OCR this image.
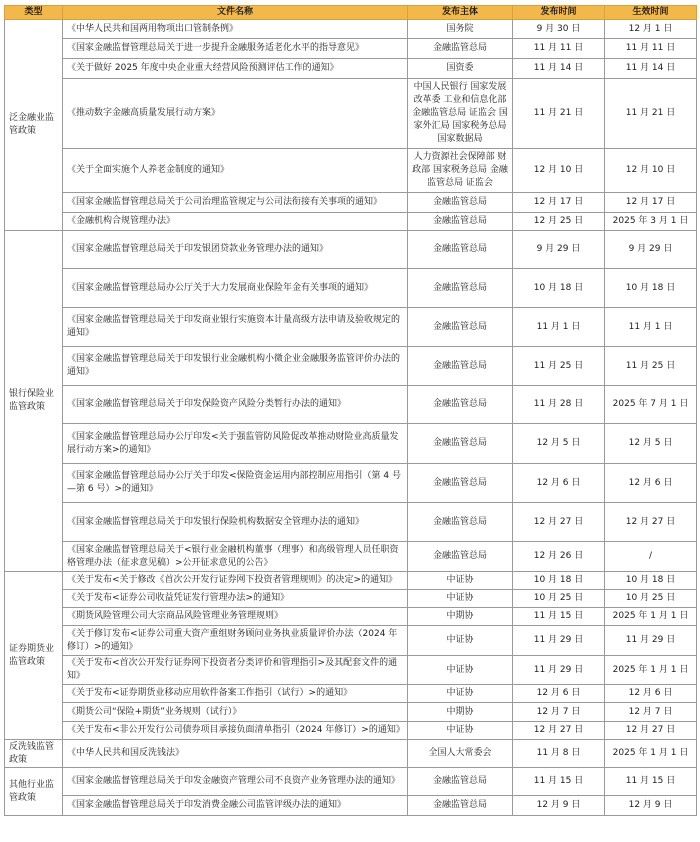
类型	文件名称	发布主体	发布时间	生效时间
泛金融业监管政策	《中华人民共和国两用物项出口管制条例》	国务院	9 月 30 日	12 月 1 日
	《国家金融监督管理总局关于进一步提升金融服务适老化水平的指导意见》	金融监管总局	11 月 11 日	11 月 11 日
	《关于做好 2025 年度中央企业重大经营风险预测评估工作的通知》	国资委	11 月 14 日	11 月 14 日
	《推动数字金融高质量发展行动方案》	中国人民银行 国家发展改革委 工业和信息化部 金融监管总局 证监会 国家外汇局 国家税务总局 国家数据局	11 月 21 日	11 月 21 日
	《关于全面实施个人养老金制度的通知》	人力资源社会保障部 财政部 国家税务总局 金融监管总局 证监会	12 月 10 日	12 月 10 日
	《国家金融监督管理总局关于公司治理监管规定与公司法衔接有关事项的通知》	金融监管总局	12 月 17 日	12 月 17 日
	《金融机构合规管理办法》	金融监管总局	12 月 25 日	2025 年 3 月 1 日
银行保险业监管政策	《国家金融监督管理总局关于印发银团贷款业务管理办法的通知》	金融监管总局	9 月 29 日	9 月 29 日
	《国家金融监督管理总局办公厅关于大力发展商业保险年金有关事项的通知》	金融监管总局	10 月 18 日	10 月 18 日
	《国家金融监督管理总局关于印发商业银行实施资本计量高级方法申请及验收规定的通知》	金融监管总局	11 月 1 日	11 月 1 日
	《国家金融监督管理总局关于印发银行业金融机构小微企业金融服务监管评价办法的通知》	金融监管总局	11 月 25 日	11 月 25 日
	《国家金融监督管理总局关于印发保险资产风险分类暂行办法的通知》	金融监管总局	11 月 28 日	2025 年 7 月 1 日
	《国家金融监督管理总局办公厅印发<关于强监管防风险促改革推动财险业高质量发展行动方案>的通知》	金融监管总局	12 月 5 日	12 月 5 日
	《国家金融监督管理总局办公厅关于印发<保险资金运用内部控制应用指引（第 4 号—第 6 号）>的通知》	金融监管总局	12 月 6 日	12 月 6 日
	《国家金融监督管理总局关于印发银行保险机构数据安全管理办法的通知》	金融监管总局	12 月 27 日	12 月 27 日
	《国家金融监督管理总局关于<银行业金融机构董事（理事）和高级管理人员任职资格管理办法（征求意见稿）>公开征求意见的公告》	金融监管总局	12 月 26 日	/
证券期货业监管政策	《关于发布<关于修改《首次公开发行证券网下投资者管理规则》的决定>的通知》	中证协	10 月 18 日	10 月 18 日
	《关于发布<证券公司收益凭证发行管理办法>的通知》	中证协	10 月 25 日	10 月 25 日
	《期货风险管理公司大宗商品风险管理业务管理规则》	中期协	11 月 15 日	2025 年 1 月 1 日
	《关于修订发布<证券公司重大资产重组财务顾问业务执业质量评价办法（2024 年修订）>的通知》	中证协	11 月 29 日	11 月 29 日
	《关于发布<首次公开发行证券网下投资者分类评价和管理指引>及其配套文件的通知》	中证协	11 月 29 日	2025 年 1 月 1 日
	《关于发布<证券期货业移动应用软件备案工作指引（试行）>的通知》	中证协	12 月 6 日	12 月 6 日
	《期货公司“保险+期货”业务规则（试行）》	中期协	12 月 7 日	12 月 7 日
	《关于发布<非公开发行公司债券项目承接负面清单指引（2024 年修订）>的通知》	中证协	12 月 27 日	12 月 27 日
反洗钱监管政策	《中华人民共和国反洗钱法》	全国人大常委会	11 月 8 日	2025 年 1 月 1 日
其他行业监管政策	《国家金融监督管理总局关于印发金融资产管理公司不良资产业务管理办法的通知》	金融监管总局	11 月 15 日	11 月 15 日
	《国家金融监督管理总局关于印发消费金融公司监管评级办法的通知》	金融监管总局	12 月 9 日	12 月 9 日
